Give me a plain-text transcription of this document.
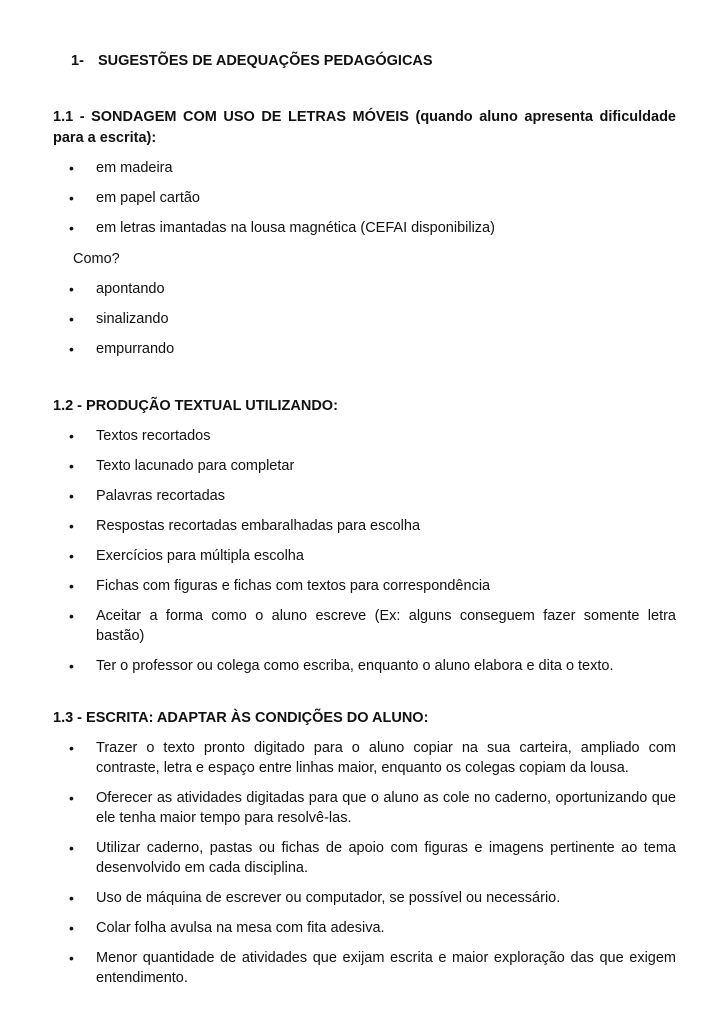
1- SUGESTÕES DE ADEQUAÇÕES PEDAGÓGICAS

1.1 - SONDAGEM COM USO DE LETRAS MÓVEIS (quando aluno apresenta dificuldade

para a escrita):

• em madeira
• em papel cartão
• em letras imantadas na lousa magnética (CEFAI disponibiliza)

Como?

• apontando
• sinalizando
• empurrando

1.2 - PRODUÇÃO TEXTUAL UTILIZANDO:

• Textos recortados
• Texto lacunado para completar
• Palavras recortadas
• Respostas recortadas embaralhadas para escolha
• Exercícios para múltipla escolha
• Fichas com figuras e fichas com textos para correspondência
• Aceitar a forma como o aluno escreve (Ex: alguns conseguem fazer somente letra bastão)
• Ter o professor ou colega como escriba, enquanto o aluno elabora e dita o texto.

1.3 - ESCRITA: ADAPTAR ÀS CONDIÇÕES DO ALUNO:

• Trazer o texto pronto digitado para o aluno copiar na sua carteira, ampliado com contraste, letra e espaço entre linhas maior, enquanto os colegas copiam da lousa.
• Oferecer as atividades digitadas para que o aluno as cole no caderno, oportunizando que ele tenha maior tempo para resolvê-las.
• Utilizar caderno, pastas ou fichas de apoio com figuras e imagens pertinente ao tema desenvolvido em cada disciplina.
• Uso de máquina de escrever ou computador, se possível ou necessário.
• Colar folha avulsa na mesa com fita adesiva.
• Menor quantidade de atividades que exijam escrita e maior exploração das que exigem entendimento.
